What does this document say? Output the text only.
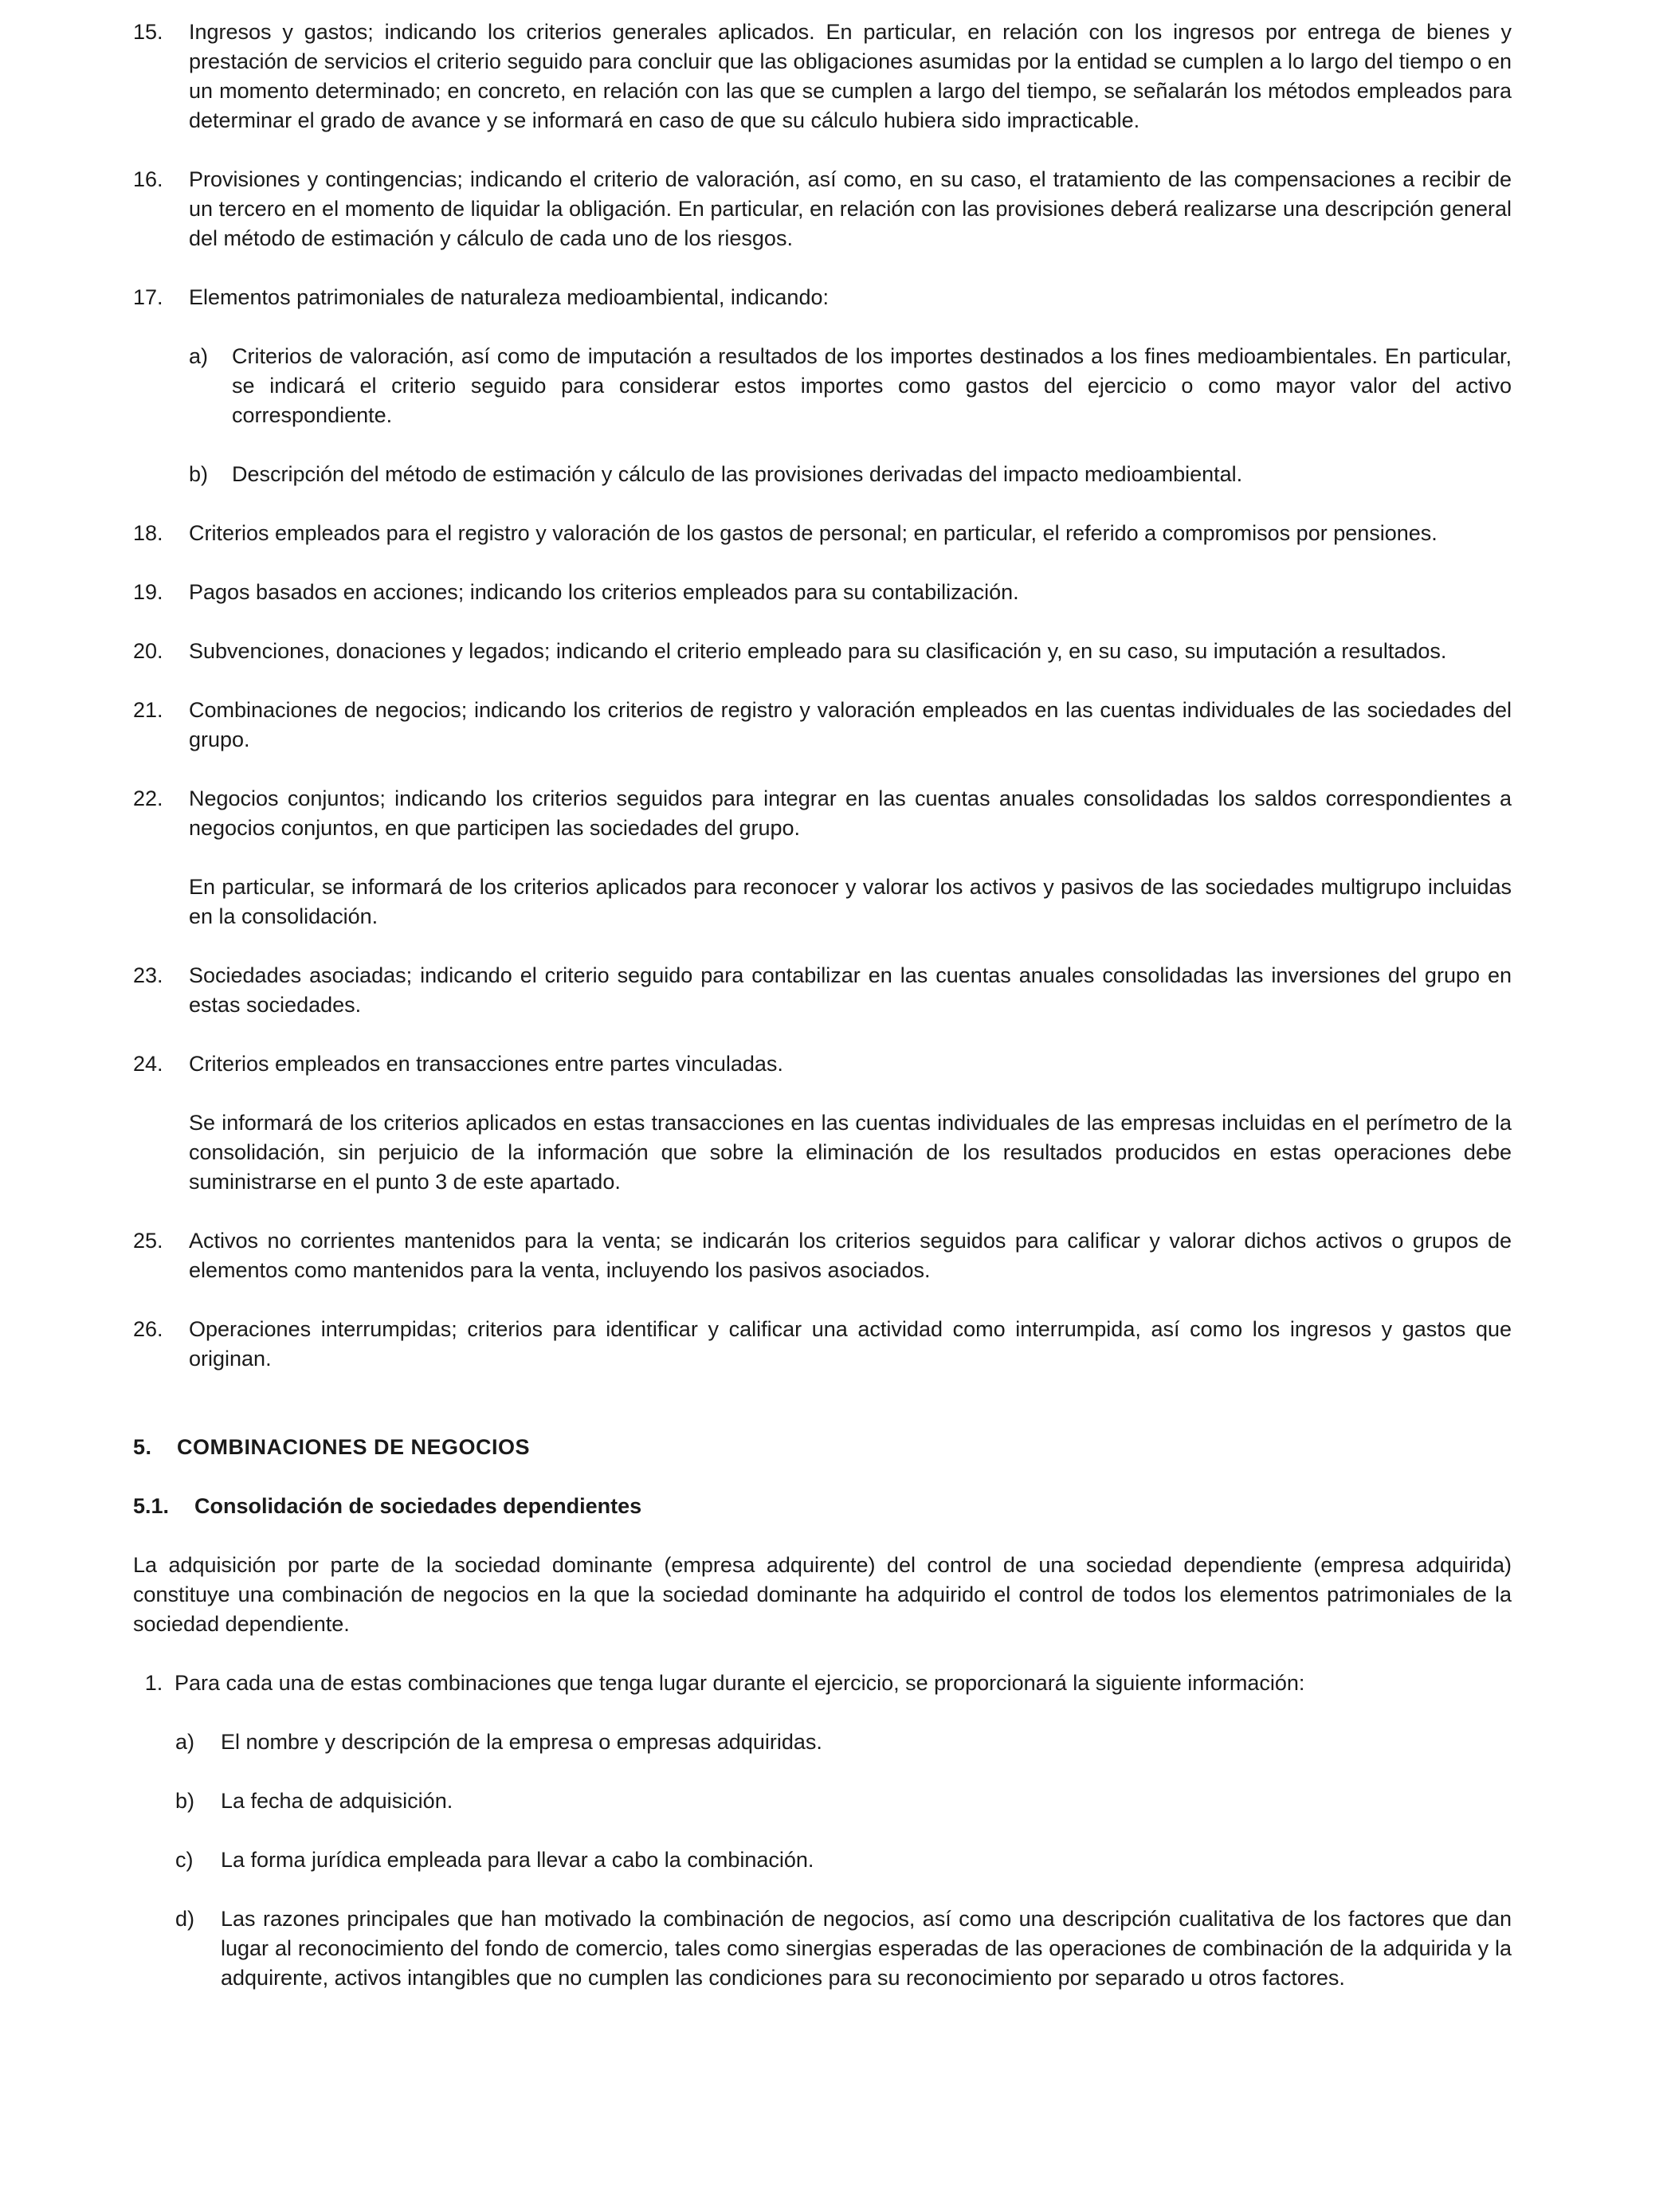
15. Ingresos y gastos; indicando los criterios generales aplicados. En particular, en relación con los ingresos por entrega de bienes y prestación de servicios el criterio seguido para concluir que las obligaciones asumidas por la entidad se cumplen a lo largo del tiempo o en un momento determinado; en concreto, en relación con las que se cumplen a largo del tiempo, se señalarán los métodos empleados para determinar el grado de avance y se informará en caso de que su cálculo hubiera sido impracticable.

16. Provisiones y contingencias; indicando el criterio de valoración, así como, en su caso, el tratamiento de las compensaciones a recibir de un tercero en el momento de liquidar la obligación. En particular, en relación con las provisiones deberá realizarse una descripción general del método de estimación y cálculo de cada uno de los riesgos.

17. Elementos patrimoniales de naturaleza medioambiental, indicando:

a) Criterios de valoración, así como de imputación a resultados de los importes destinados a los fines medioambientales. En particular, se indicará el criterio seguido para considerar estos importes como gastos del ejercicio o como mayor valor del activo correspondiente.

b) Descripción del método de estimación y cálculo de las provisiones derivadas del impacto medioambiental.

18. Criterios empleados para el registro y valoración de los gastos de personal; en particular, el referido a compromisos por pensiones.

19. Pagos basados en acciones; indicando los criterios empleados para su contabilización.

20. Subvenciones, donaciones y legados; indicando el criterio empleado para su clasificación y, en su caso, su imputación a resultados.

21. Combinaciones de negocios; indicando los criterios de registro y valoración empleados en las cuentas individuales de las sociedades del grupo.

22. Negocios conjuntos; indicando los criterios seguidos para integrar en las cuentas anuales consolidadas los saldos correspondientes a negocios conjuntos, en que participen las sociedades del grupo.

En particular, se informará de los criterios aplicados para reconocer y valorar los activos y pasivos de las sociedades multigrupo incluidas en la consolidación.

23. Sociedades asociadas; indicando el criterio seguido para contabilizar en las cuentas anuales consolidadas las inversiones del grupo en estas sociedades.

24. Criterios empleados en transacciones entre partes vinculadas.

Se informará de los criterios aplicados en estas transacciones en las cuentas individuales de las empresas incluidas en el perímetro de la consolidación, sin perjuicio de la información que sobre la eliminación de los resultados producidos en estas operaciones debe suministrarse en el punto 3 de este apartado.

25. Activos no corrientes mantenidos para la venta; se indicarán los criterios seguidos para calificar y valorar dichos activos o grupos de elementos como mantenidos para la venta, incluyendo los pasivos asociados.

26. Operaciones interrumpidas; criterios para identificar y calificar una actividad como interrumpida, así como los ingresos y gastos que originan.

5. COMBINACIONES DE NEGOCIOS
5.1. Consolidación de sociedades dependientes

La adquisición por parte de la sociedad dominante (empresa adquirente) del control de una sociedad dependiente (empresa adquirida) constituye una combinación de negocios en la que la sociedad dominante ha adquirido el control de todos los elementos patrimoniales de la sociedad dependiente.

1. Para cada una de estas combinaciones que tenga lugar durante el ejercicio, se proporcionará la siguiente información:

a) El nombre y descripción de la empresa o empresas adquiridas.

b) La fecha de adquisición.

c) La forma jurídica empleada para llevar a cabo la combinación.

d) Las razones principales que han motivado la combinación de negocios, así como una descripción cualitativa de los factores que dan lugar al reconocimiento del fondo de comercio, tales como sinergias esperadas de las operaciones de combinación de la adquirida y la adquirente, activos intangibles que no cumplen las condiciones para su reconocimiento por separado u otros factores.
